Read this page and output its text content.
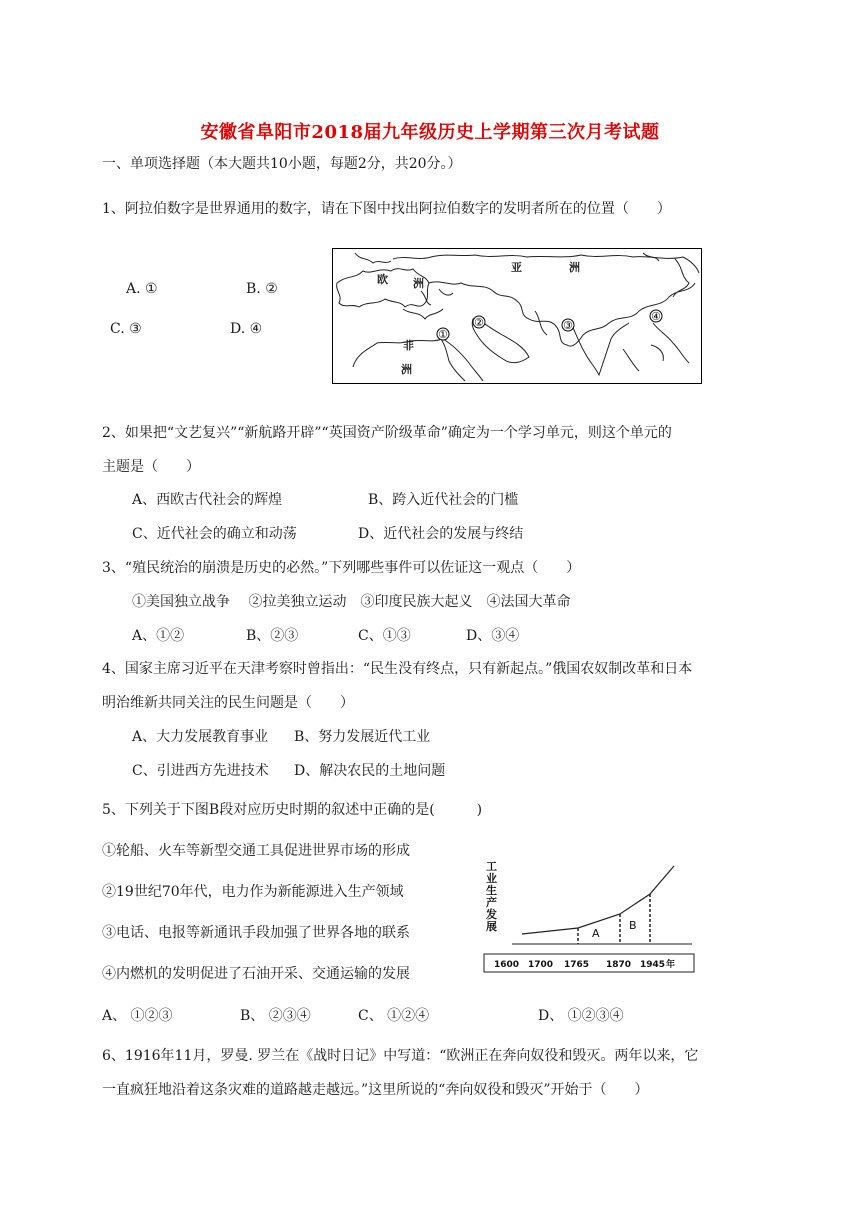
安徽省阜阳市2018届九年级历史上学期第三次月考试题
一、单项选择题（本大题共10小题，每题2分，共20分。）
1、阿拉伯数字是世界通用的数字，请在下图中找出阿拉伯数字的发明者所在的位置（　　）
A. ①	B. ②
C. ③	D. ④
欧 洲
亚	洲
非
洲
①
②	③
④
2、如果把“文艺复兴”“新航路开辟”“英国资产阶级革命”确定为一个学习单元，则这个单元的
主题是（　　）
A、西欧古代社会的辉煌	B、跨入近代社会的门槛
C、近代社会的确立和动荡	D、近代社会的发展与终结
3、“殖民统治的崩溃是历史的必然。”下列哪些事件可以佐证这一观点（　　）
①美国独立战争　 ②拉美独立运动　③印度民族大起义　④法国大革命
A、①②	B、②③	C、①③	D、③④
4、国家主席习近平在天津考察时曾指出：“民生没有终点，只有新起点。”俄国农奴制改革和日本
明治维新共同关注的民生问题是（　　）
A、大力发展教育事业 B、努力发展近代工业
C、引进西方先进技术 D、解决农民的土地问题
5、下列关于下图B段对应历史时期的叙述中正确的是(　　　)
①轮船、火车等新型交通工具促进世界市场的形成
②19世纪70年代，电力作为新能源进入生产领域
③电话、电报等新通讯手段加强了世界各地的联系
④内燃机的发明促进了石油开采、交通运输的发展
工
业
生
产
发
展
A
B
1600 1700 1765 1870 1945 年
A、 ①②③	B、 ②③④	C、 ①②④	D、 ①②③④
6、1916年11月，罗曼. 罗兰在《战时日记》中写道：“欧洲正在奔向奴役和毁灭。两年以来，它
一直疯狂地沿着这条灾难的道路越走越远。”这里所说的“奔向奴役和毁灭”开始于（　　）
